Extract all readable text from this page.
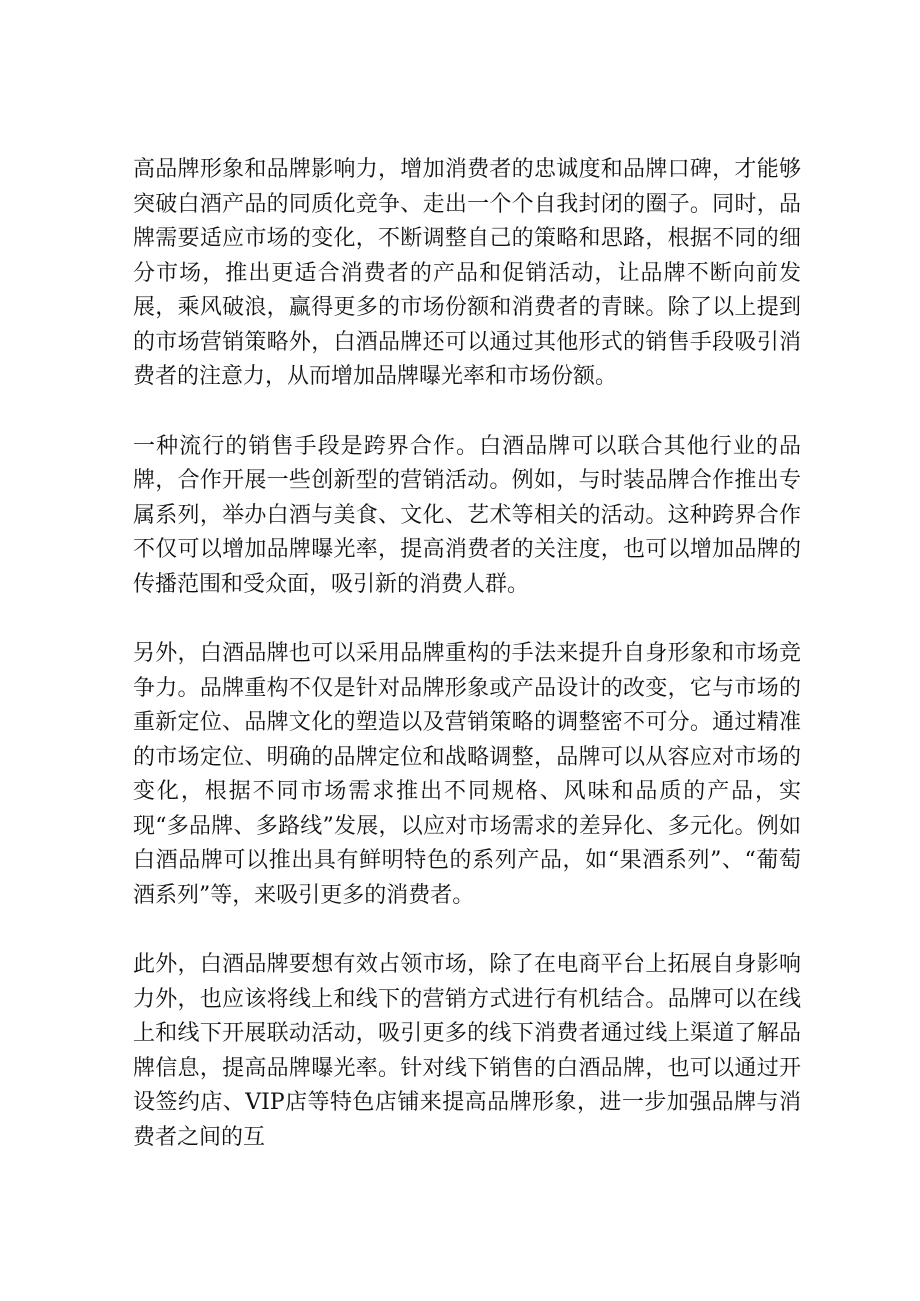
高品牌形象和品牌影响力，增加消费者的忠诚度和品牌口碑，才能够突破白酒产品的同质化竞争、走出一个个自我封闭的圈子。同时，品牌需要适应市场的变化，不断调整自己的策略和思路，根据不同的细分市场，推出更适合消费者的产品和促销活动，让品牌不断向前发展，乘风破浪，赢得更多的市场份额和消费者的青睐。除了以上提到的市场营销策略外，白酒品牌还可以通过其他形式的销售手段吸引消费者的注意力，从而增加品牌曝光率和市场份额。

一种流行的销售手段是跨界合作。白酒品牌可以联合其他行业的品牌，合作开展一些创新型的营销活动。例如，与时装品牌合作推出专属系列，举办白酒与美食、文化、艺术等相关的活动。这种跨界合作不仅可以增加品牌曝光率，提高消费者的关注度，也可以增加品牌的传播范围和受众面，吸引新的消费人群。

另外，白酒品牌也可以采用品牌重构的手法来提升自身形象和市场竞争力。品牌重构不仅是针对品牌形象或产品设计的改变，它与市场的重新定位、品牌文化的塑造以及营销策略的调整密不可分。通过精准的市场定位、明确的品牌定位和战略调整，品牌可以从容应对市场的变化，根据不同市场需求推出不同规格、风味和品质的产品，实现“多品牌、多路线”发展，以应对市场需求的差异化、多元化。例如白酒品牌可以推出具有鲜明特色的系列产品，如“果酒系列”、“葡萄酒系列”等，来吸引更多的消费者。

此外，白酒品牌要想有效占领市场，除了在电商平台上拓展自身影响力外，也应该将线上和线下的营销方式进行有机结合。品牌可以在线上和线下开展联动活动，吸引更多的线下消费者通过线上渠道了解品牌信息，提高品牌曝光率。针对线下销售的白酒品牌，也可以通过开设签约店、VIP店等特色店铺来提高品牌形象，进一步加强品牌与消费者之间的互
